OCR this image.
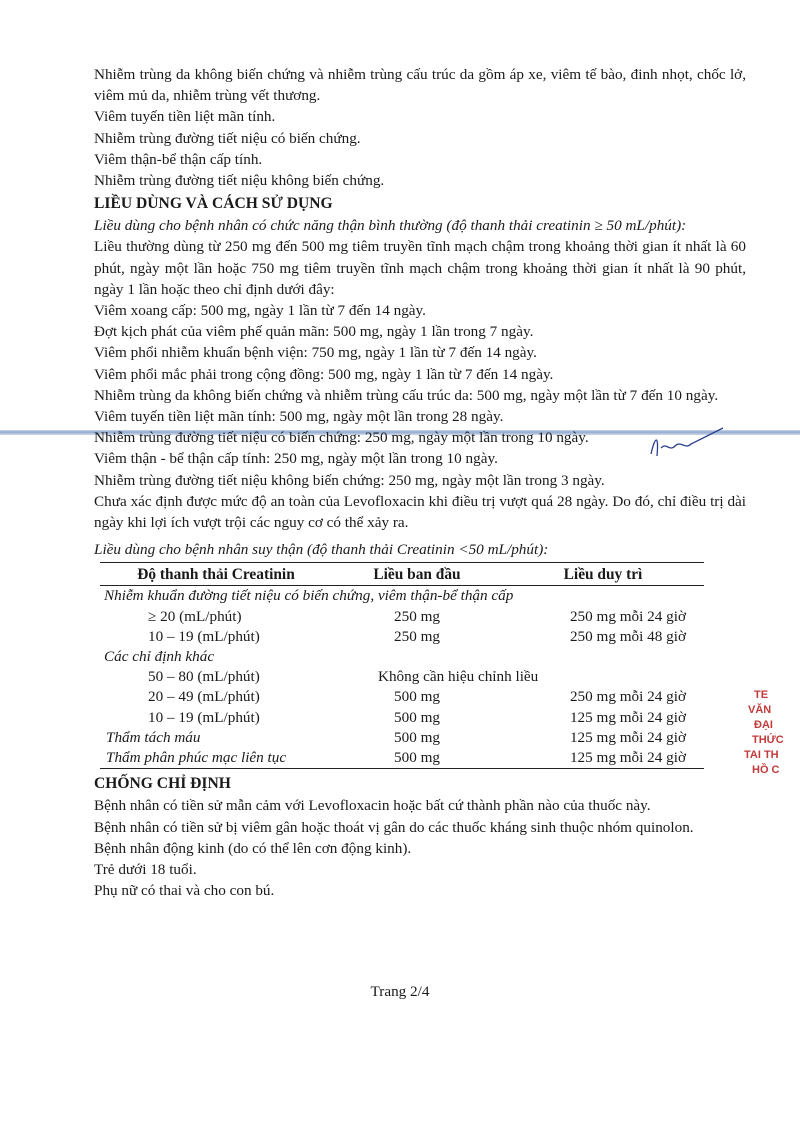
Nhiễm trùng da không biến chứng và nhiễm trùng cấu trúc da gồm áp xe, viêm tế bào, đinh nhọt, chốc lở, viêm mủ da, nhiễm trùng vết thương.

Viêm tuyến tiền liệt mãn tính.

Nhiễm trùng đường tiết niệu có biến chứng.

Viêm thận-bể thận cấp tính.

Nhiễm trùng đường tiết niệu không biến chứng.

LIỀU DÙNG VÀ CÁCH SỬ DỤNG

Liều dùng cho bệnh nhân có chức năng thận bình thường (độ thanh thải creatinin ≥ 50 mL/phút):

Liều thường dùng từ 250 mg đến 500 mg tiêm truyền tĩnh mạch chậm trong khoảng thời gian ít nhất là 60 phút, ngày một lần hoặc 750 mg tiêm truyền tĩnh mạch chậm trong khoảng thời gian ít nhất là 90 phút, ngày 1 lần hoặc theo chỉ định dưới đây:

Viêm xoang cấp: 500 mg, ngày 1 lần từ 7 đến 14 ngày.

Đợt kịch phát của viêm phế quản mãn: 500 mg, ngày 1 lần trong 7 ngày.

Viêm phổi nhiễm khuẩn bệnh viện: 750 mg, ngày 1 lần từ 7 đến 14 ngày.

Viêm phổi mắc phải trong cộng đồng: 500 mg, ngày 1 lần từ 7 đến 14 ngày.

Nhiễm trùng da không biến chứng và nhiễm trùng cấu trúc da: 500 mg, ngày một lần từ 7 đến 10 ngày.

Viêm tuyến tiền liệt mãn tính: 500 mg, ngày một lần trong 28 ngày.

Nhiễm trùng đường tiết niệu có biến chứng: 250 mg, ngày một lần trong 10 ngày.

Viêm thận - bể thận cấp tính: 250 mg, ngày một lần trong 10 ngày.

Nhiễm trùng đường tiết niệu không biến chứng: 250 mg, ngày một lần trong 3 ngày.

Chưa xác định được mức độ an toàn của Levofloxacin khi điều trị vượt quá 28 ngày. Do đó, chỉ điều trị dài ngày khi lợi ích vượt trội các nguy cơ có thể xảy ra.

Liều dùng cho bệnh nhân suy thận (độ thanh thải Creatinin <50 mL/phút):

Độ thanh thải Creatinin	Liều ban đầu	Liều duy trì
Nhiễm khuẩn đường tiết niệu có biến chứng, viêm thận-bể thận cấp		
≥ 20 (mL/phút)	250 mg	250 mg mỗi 24 giờ
10 – 19 (mL/phút)	250 mg	250 mg mỗi 48 giờ
Các chỉ định khác		
50 – 80 (mL/phút)	Không cần hiệu chỉnh liều	
20 – 49 (mL/phút)	500 mg	250 mg mỗi 24 giờ
10 – 19 (mL/phút)	500 mg	125 mg mỗi 24 giờ
Thẩm tách máu	500 mg	125 mg mỗi 24 giờ
Thẩm phân phúc mạc liên tục	500 mg	125 mg mỗi 24 giờ

CHỐNG CHỈ ĐỊNH

Bệnh nhân có tiền sử mẫn cảm với Levofloxacin hoặc bất cứ thành phần nào của thuốc này.

Bệnh nhân có tiền sử bị viêm gân hoặc thoát vị gân do các thuốc kháng sinh thuộc nhóm quinolon.

Bệnh nhân động kinh (do có thể lên cơn động kinh).

Trẻ dưới 18 tuổi.

Phụ nữ có thai và cho con bú.

Trang 2/4
TE
VĂN
ĐẠI
THỨC
TAI TH
HỒ C
